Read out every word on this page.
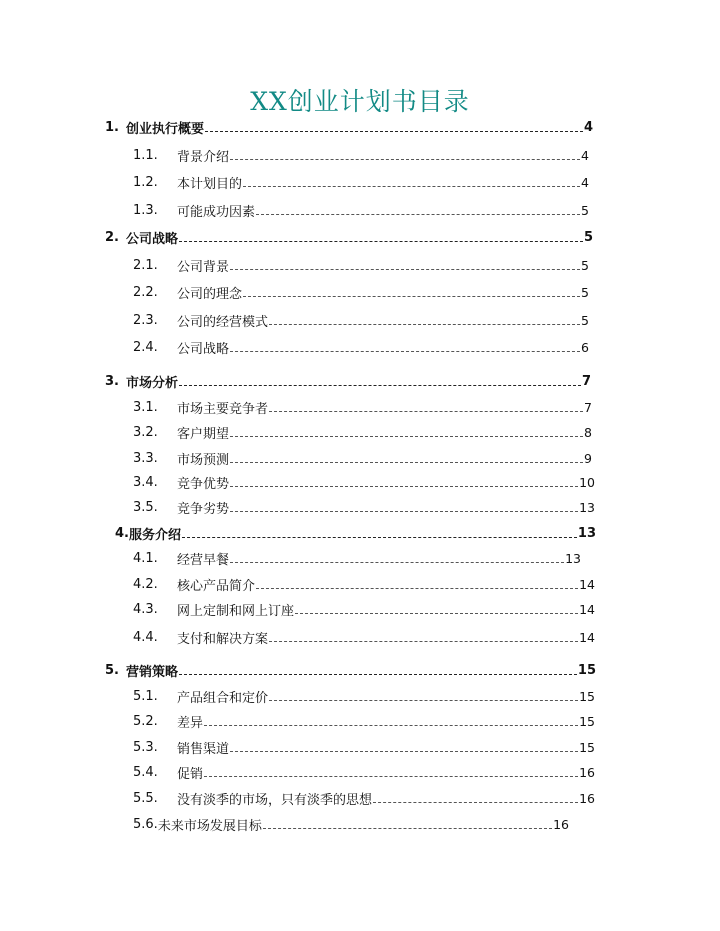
XX创业计划书目录
1. 创业执行概要	4
1.1.	背景介绍	4
1.2.	本计划目的	4
1.3.	可能成功因素	5
2. 公司战略	5
2.1.	公司背景	5
2.2.	公司的理念	5
2.3.	公司的经营模式	5
2.4.	公司战略	6
3. 市场分析	7
3.1.	市场主要竞争者	7
3.2.	客户期望	8
3.3.	市场预测	9
3.4.	竞争优势	10
3.5.	竞争劣势	13
4. 服务介绍	13
4.1.	经营早餐	13
4.2.	核心产品简介	14
4.3.	网上定制和网上订座	14
4.4.	支付和解决方案	14
5. 营销策略	15
5.1.	产品组合和定价	15
5.2.	差异	15
5.3.	销售渠道	15
5.4.	促销	16
5.5.	没有淡季的市场，只有淡季的思想	16
5.6. 未来市场发展目标	16
